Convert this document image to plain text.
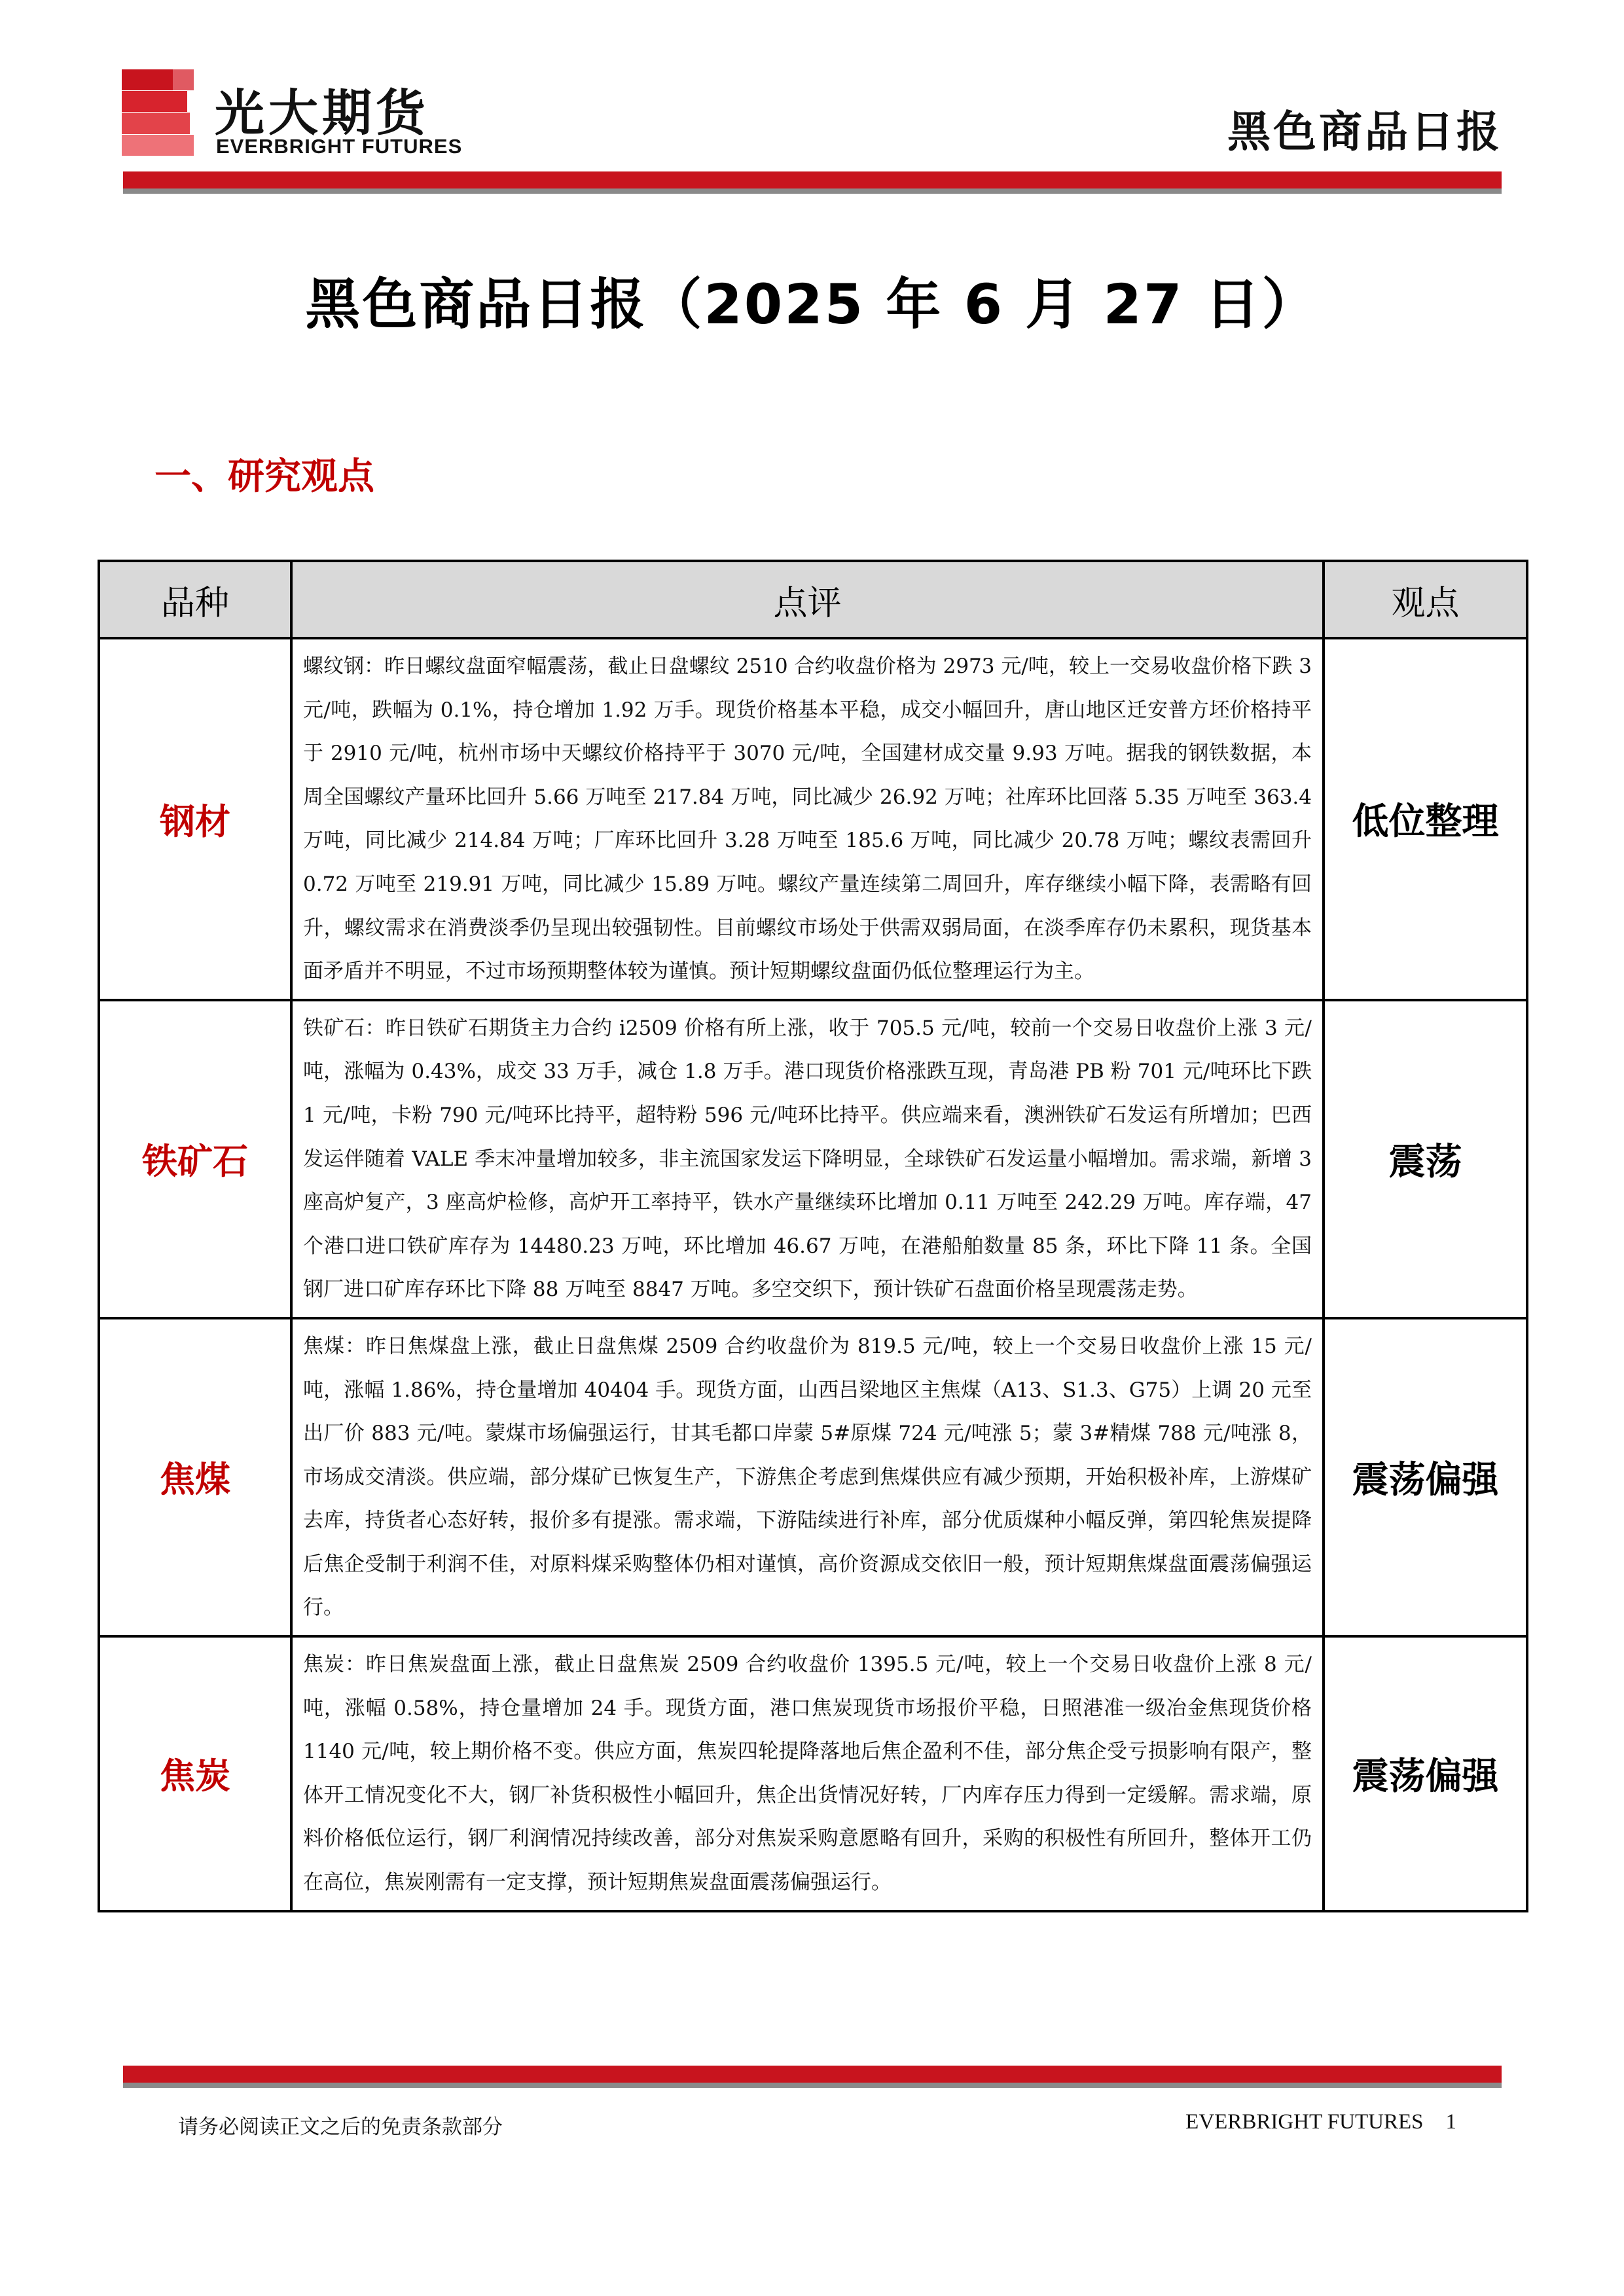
光大期货
EVERBRIGHT FUTURES	黑色商品日报
黑色商品日报（2025 年 6 月 27 日）
一、研究观点
品种	点评	观点
钢材	螺纹钢：昨日螺纹盘面窄幅震荡，截止日盘螺纹 2510 合约收盘价格为 2973 元/吨，较上一交易收盘价格下跌 3 元/吨，跌幅为 0.1%，持仓增加 1.92 万手。现货价格基本平稳，成交小幅回升，唐山地区迁安普方坯价格持平于 2910 元/吨，杭州市场中天螺纹价格持平于 3070 元/吨，全国建材成交量 9.93 万吨。据我的钢铁数据，本周全国螺纹产量环比回升 5.66 万吨至 217.84 万吨，同比减少 26.92 万吨；社库环比回落 5.35 万吨至 363.4 万吨，同比减少 214.84 万吨；厂库环比回升 3.28 万吨至 185.6 万吨，同比减少 20.78 万吨；螺纹表需回升 0.72 万吨至 219.91 万吨，同比减少 15.89 万吨。螺纹产量连续第二周回升，库存继续小幅下降，表需略有回升，螺纹需求在消费淡季仍呈现出较强韧性。目前螺纹市场处于供需双弱局面，在淡季库存仍未累积，现货基本面矛盾并不明显，不过市场预期整体较为谨慎。预计短期螺纹盘面仍低位整理运行为主。	低位整理
铁矿石	铁矿石：昨日铁矿石期货主力合约 i2509 价格有所上涨，收于 705.5 元/吨，较前一个交易日收盘价上涨 3 元/吨，涨幅为 0.43%，成交 33 万手，减仓 1.8 万手。港口现货价格涨跌互现，青岛港 PB 粉 701 元/吨环比下跌 1 元/吨，卡粉 790 元/吨环比持平，超特粉 596 元/吨环比持平。供应端来看，澳洲铁矿石发运有所增加；巴西发运伴随着 VALE 季末冲量增加较多，非主流国家发运下降明显，全球铁矿石发运量小幅增加。需求端，新增 3 座高炉复产，3 座高炉检修，高炉开工率持平，铁水产量继续环比增加 0.11 万吨至 242.29 万吨。库存端，47 个港口进口铁矿库存为 14480.23 万吨，环比增加 46.67 万吨，在港船舶数量 85 条，环比下降 11 条。全国钢厂进口矿库存环比下降 88 万吨至 8847 万吨。多空交织下，预计铁矿石盘面价格呈现震荡走势。	震荡
焦煤	焦煤：昨日焦煤盘上涨，截止日盘焦煤 2509 合约收盘价为 819.5 元/吨，较上一个交易日收盘价上涨 15 元/吨，涨幅 1.86%，持仓量增加 40404 手。现货方面，山西吕梁地区主焦煤（A13、S1.3、G75）上调 20 元至出厂价 883 元/吨。蒙煤市场偏强运行，甘其毛都口岸蒙 5#原煤 724 元/吨涨 5；蒙 3#精煤 788 元/吨涨 8，市场成交清淡。供应端，部分煤矿已恢复生产，下游焦企考虑到焦煤供应有减少预期，开始积极补库，上游煤矿去库，持货者心态好转，报价多有提涨。需求端，下游陆续进行补库，部分优质煤种小幅反弹，第四轮焦炭提降后焦企受制于利润不佳，对原料煤采购整体仍相对谨慎，高价资源成交依旧一般，预计短期焦煤盘面震荡偏强运行。	震荡偏强
焦炭	焦炭：昨日焦炭盘面上涨，截止日盘焦炭 2509 合约收盘价 1395.5 元/吨，较上一个交易日收盘价上涨 8 元/吨，涨幅 0.58%，持仓量增加 24 手。现货方面，港口焦炭现货市场报价平稳，日照港准一级冶金焦现货价格 1140 元/吨，较上期价格不变。供应方面，焦炭四轮提降落地后焦企盈利不佳，部分焦企受亏损影响有限产，整体开工情况变化不大，钢厂补货积极性小幅回升，焦企出货情况好转，厂内库存压力得到一定缓解。需求端，原料价格低位运行，钢厂利润情况持续改善，部分对焦炭采购意愿略有回升，采购的积极性有所回升，整体开工仍在高位，焦炭刚需有一定支撑，预计短期焦炭盘面震荡偏强运行。	震荡偏强
请务必阅读正文之后的免责条款部分	EVERBRIGHT FUTURES 1
